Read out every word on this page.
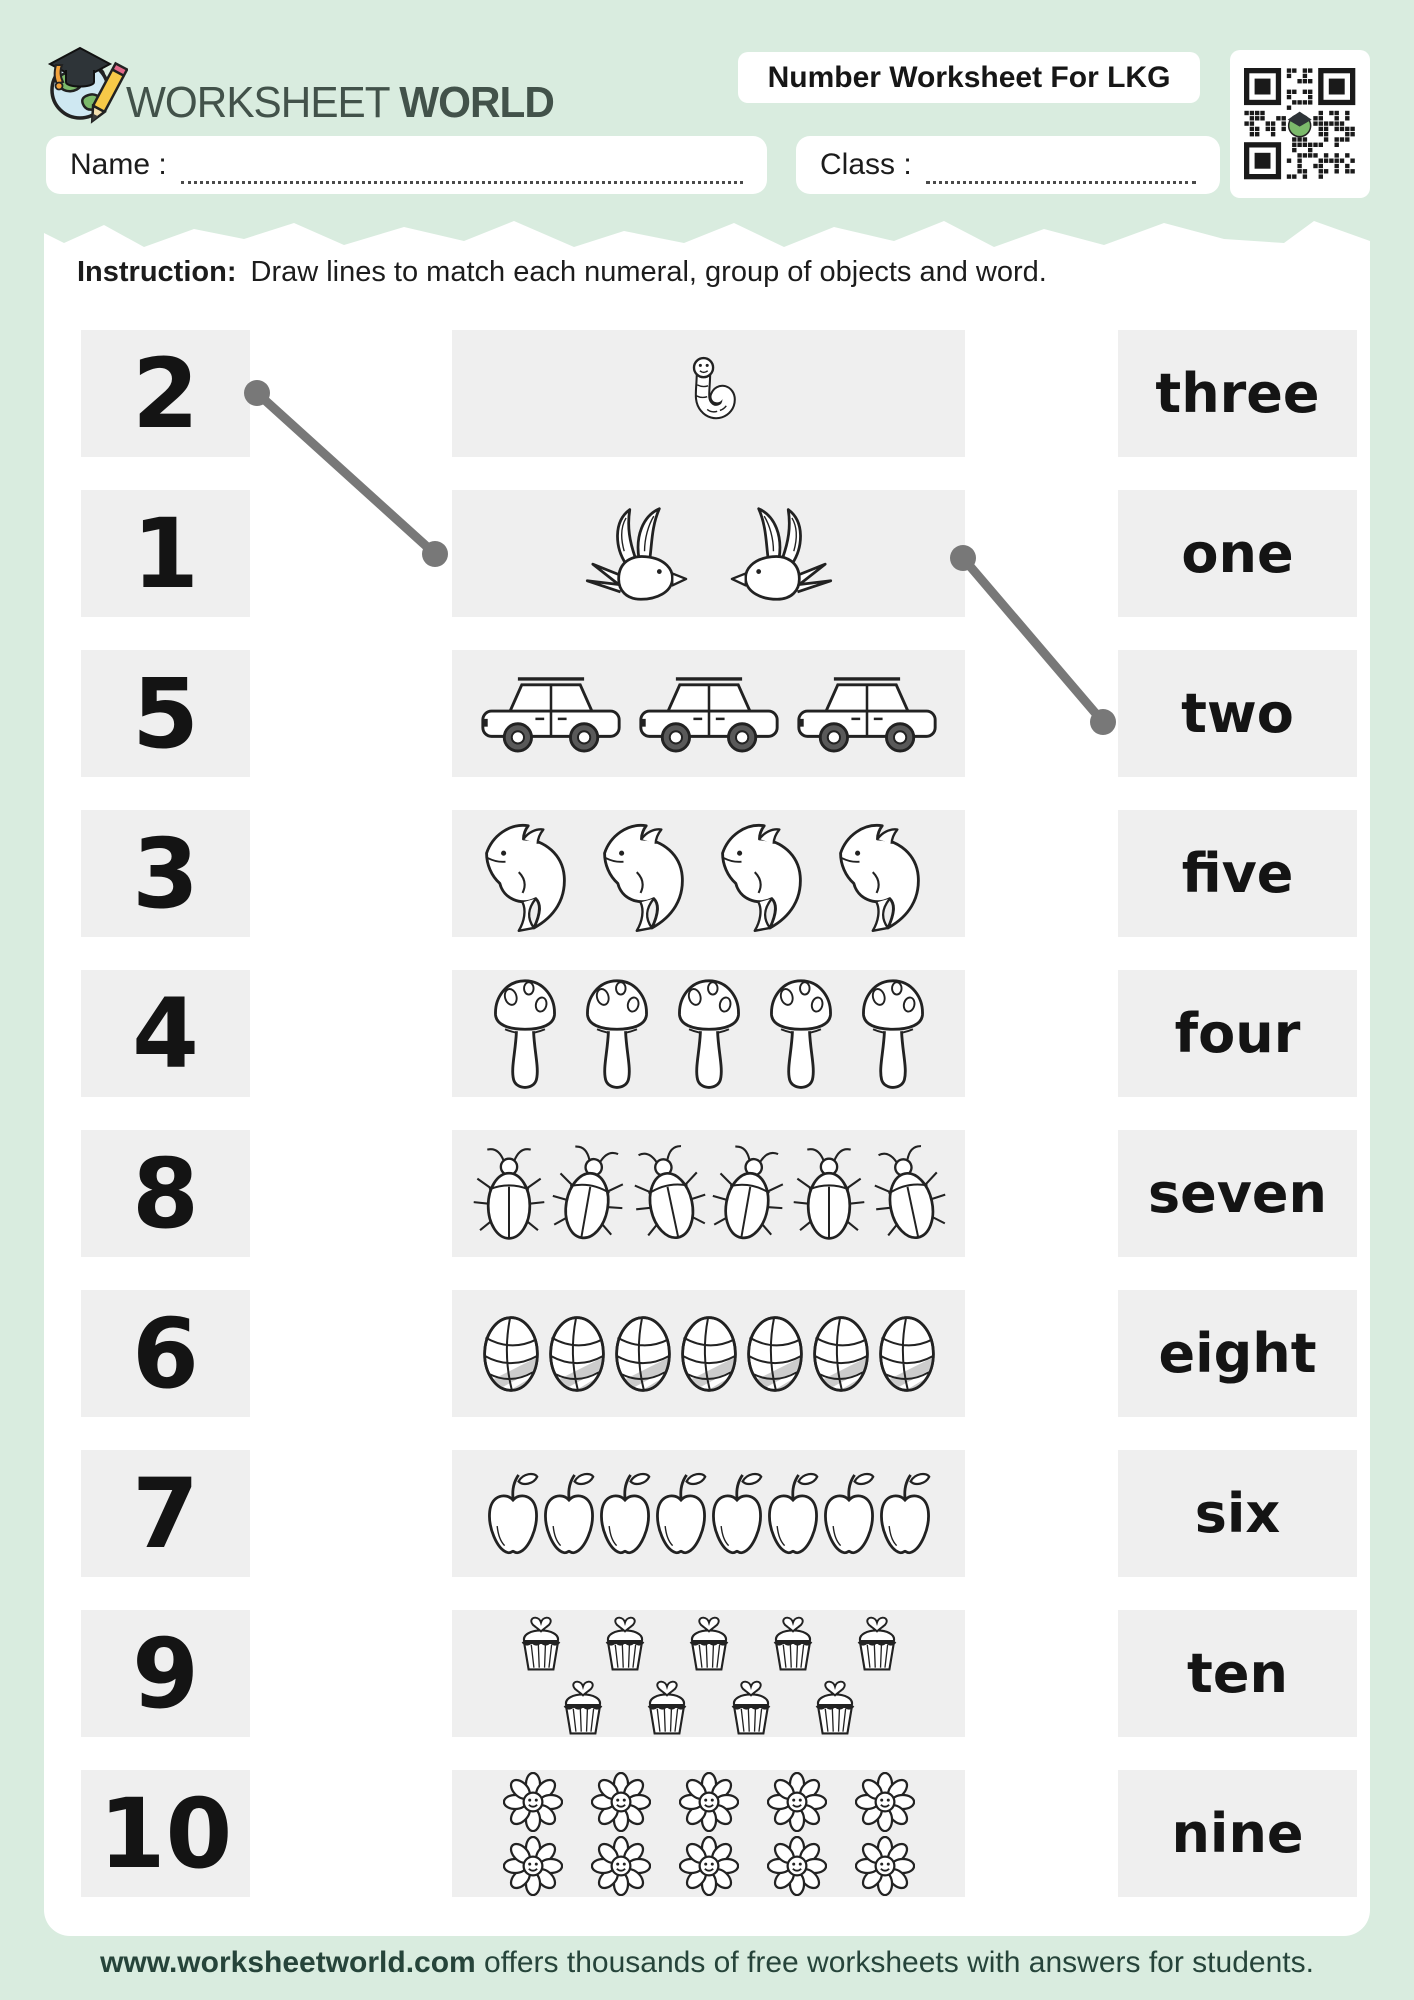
WORKSHEET WORLD
Number Worksheet For LKG
Name :	Class :
Instruction: Draw lines to match each numeral, group of objects and word.
2	three
1	one
5	two
3	five
4	four
8	seven
6	eight
7	six
9	ten
10	nine
www.worksheetworld.com offers thousands of free worksheets with answers for students.
